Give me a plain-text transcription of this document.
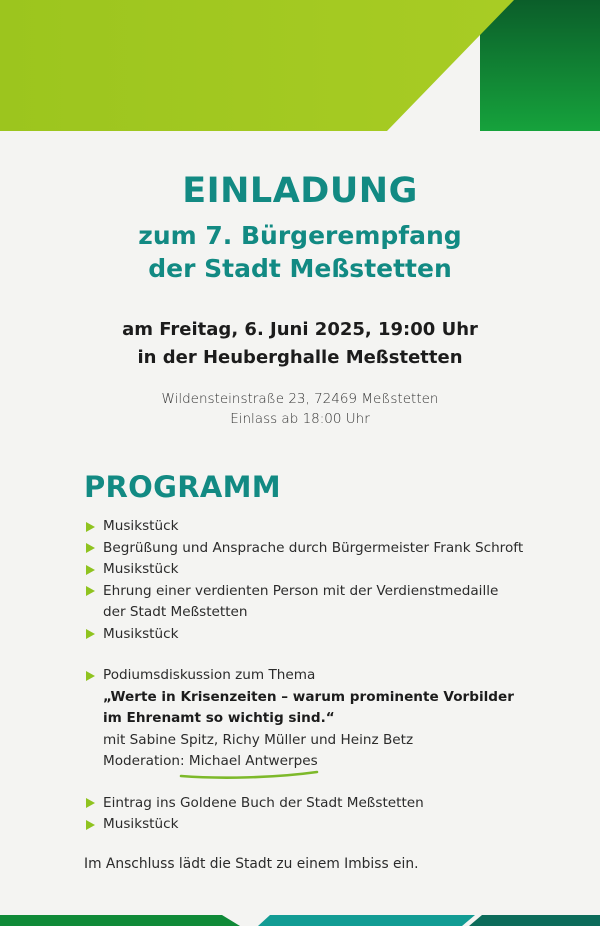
EINLADUNG

zum 7. Bürgerempfang

der Stadt Meßstetten

am Freitag, 6. Juni 2025, 19:00 Uhr

in der Heuberghalle Meßstetten

Wildensteinstraße 23, 72469 Meßstetten

Einlass ab 18:00 Uhr

PROGRAMM
Musikstück
Begrüßung und Ansprache durch Bürgermeister Frank Schroft
Musikstück
Ehrung einer verdienten Person mit der Verdienstmedaille
der Stadt Meßstetten
Musikstück
Podiumsdiskussion zum Thema
„Werte in Krisenzeiten – warum prominente Vorbilder
im Ehrenamt so wichtig sind.“
mit Sabine Spitz, Richy Müller und Heinz Betz
Moderation: Michael Antwerpes
Eintrag ins Goldene Buch der Stadt Meßstetten
Musikstück

Im Anschluss lädt die Stadt zu einem Imbiss ein.
